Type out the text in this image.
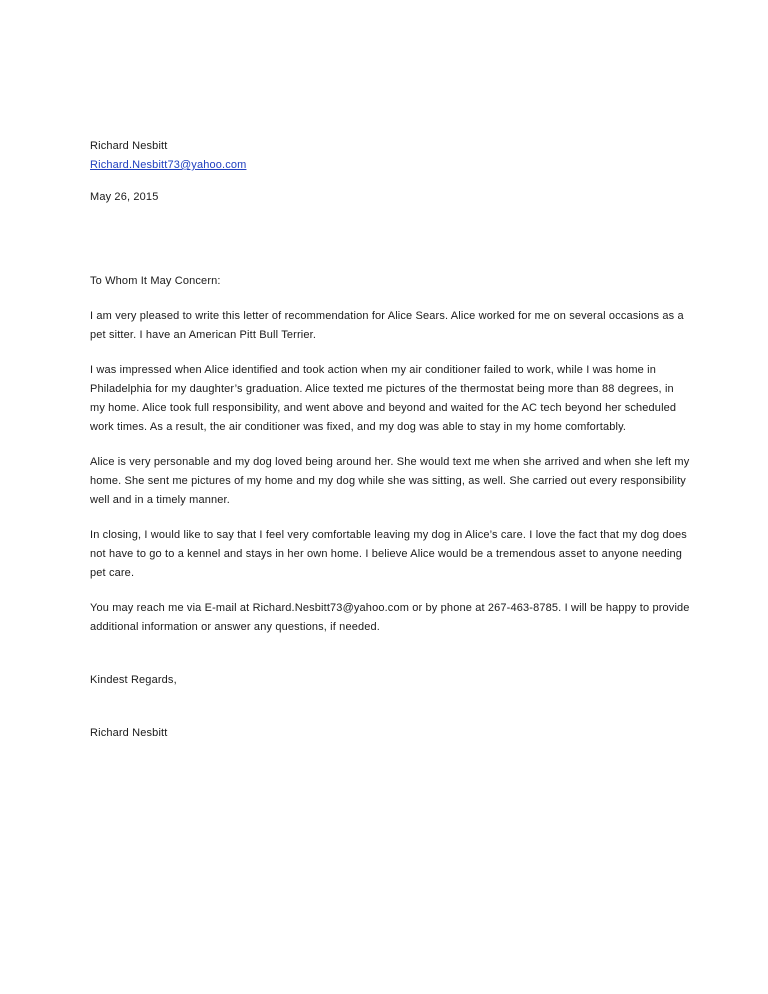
Richard Nesbitt

Richard.Nesbitt73@yahoo.com

May 26, 2015

To Whom It May Concern:

I am very pleased to write this letter of recommendation for Alice Sears. Alice worked for me on several occasions as a pet sitter. I have an American Pitt Bull Terrier.

I was impressed when Alice identified and took action when my air conditioner failed to work, while I was home in Philadelphia for my daughter’s graduation. Alice texted me pictures of the thermostat being more than 88 degrees, in my home. Alice took full responsibility, and went above and beyond and waited for the AC tech beyond her scheduled work times. As a result, the air conditioner was fixed, and my dog was able to stay in my home comfortably.

Alice is very personable and my dog loved being around her. She would text me when she arrived and when she left my home. She sent me pictures of my home and my dog while she was sitting, as well. She carried out every responsibility well and in a timely manner.

In closing, I would like to say that I feel very comfortable leaving my dog in Alice’s care. I love the fact that my dog does not have to go to a kennel and stays in her own home. I believe Alice would be a tremendous asset to anyone needing pet care.

You may reach me via E-mail at Richard.Nesbitt73@yahoo.com or by phone at 267-463-8785. I will be happy to provide additional information or answer any questions, if needed.

Kindest Regards,

Richard Nesbitt
